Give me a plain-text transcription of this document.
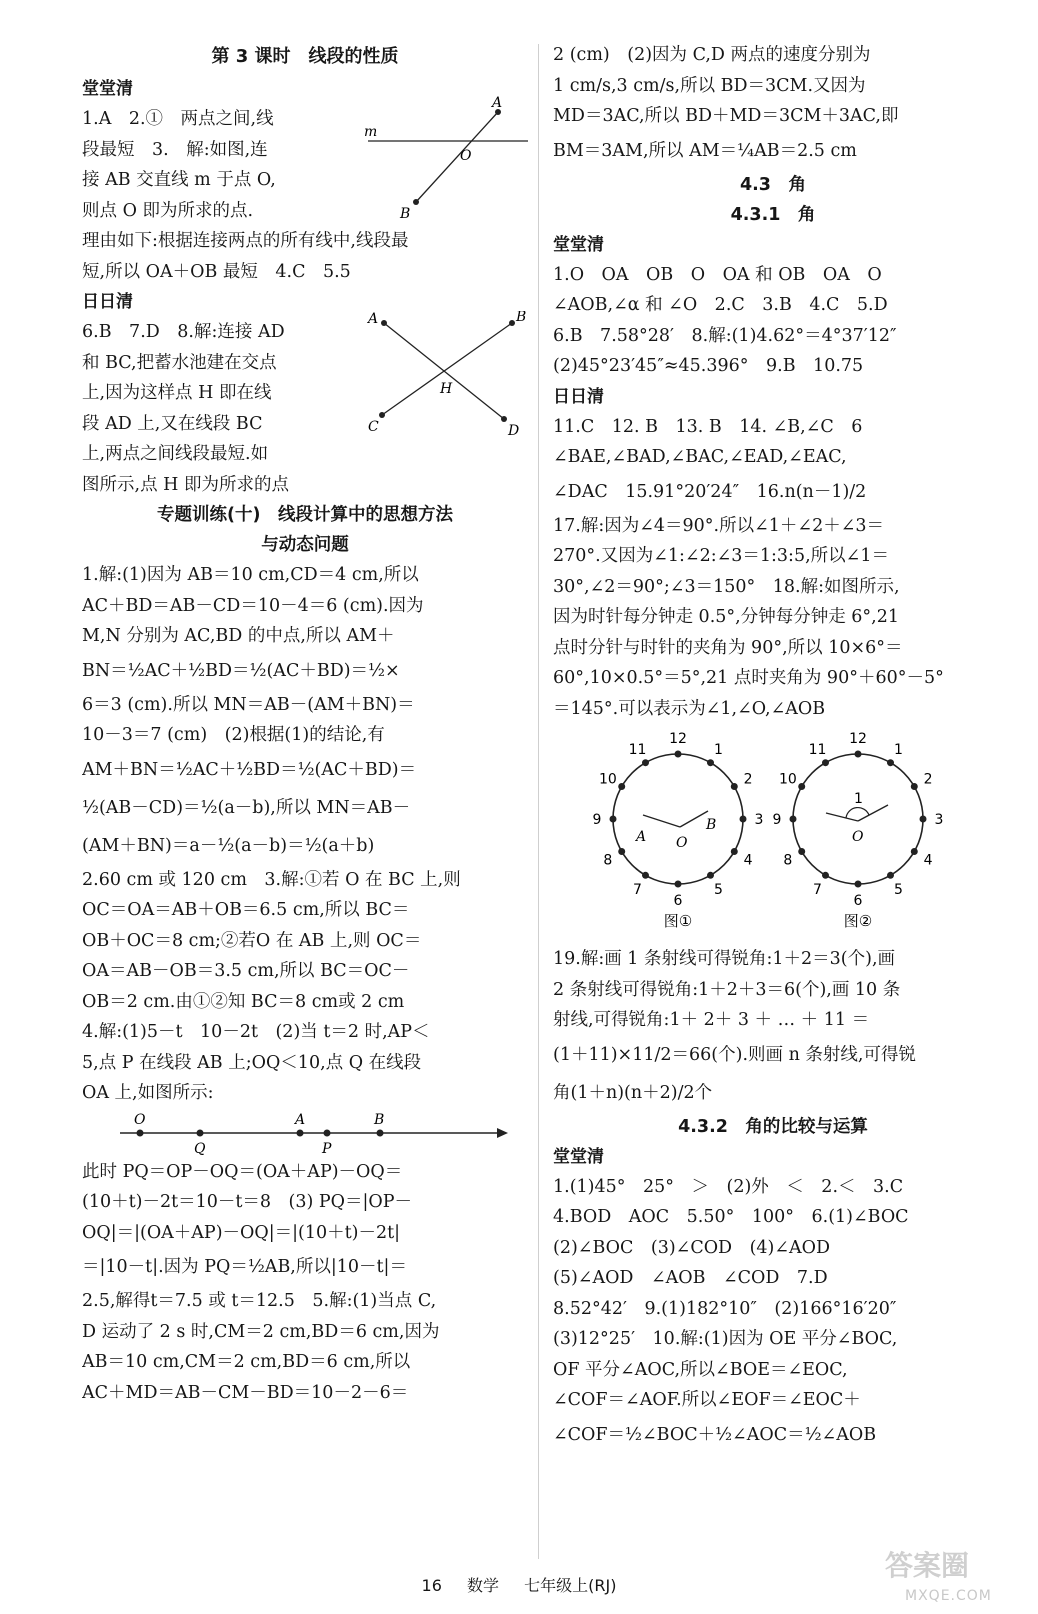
第 3 课时　线段的性质
堂堂清
A
B
O
m
1.A　2.①　两点之间,线
段最短　3.　解:如图,连
接 AB 交直线 m 于点 O,
则点 O 即为所求的点.
理由如下:根据连接两点的所有线中,线段最
短,所以 OA＋OB 最短　4.C　5.5
日日清
A	B
C	D
H
6.B　7.D　8.解:连接 AD
和 BC,把蓄水池建在交点
上,因为这样点 H 即在线
段 AD 上,又在线段 BC
上,两点之间线段最短.如
图所示,点 H 即为所求的点
专题训练(十)　线段计算中的思想方法
与动态问题
1.解:(1)因为 AB＝10 cm,CD＝4 cm,所以
AC＋BD＝AB－CD＝10－4＝6 (cm).因为
M,N 分别为 AC,BD 的中点,所以 AM＋
BN＝½AC＋½BD＝½(AC＋BD)＝½×
6＝3 (cm).所以 MN＝AB－(AM＋BN)＝
10－3＝7 (cm)　(2)根据(1)的结论,有
AM＋BN＝½AC＋½BD＝½(AC＋BD)＝
½(AB－CD)＝½(a－b),所以 MN＝AB－
(AM＋BN)＝a－½(a－b)＝½(a＋b)
2.60 cm 或 120 cm　3.解:①若 O 在 BC 上,则
OC＝OA＝AB＋OB＝6.5 cm,所以 BC＝
OB＋OC＝8 cm;②若O 在 AB 上,则 OC＝
OA＝AB－OB＝3.5 cm,所以 BC＝OC－
OB＝2 cm.由①②知 BC＝8 cm或 2 cm
4.解:(1)5－t　10－2t　(2)当 t＝2 时,AP＜
5,点 P 在线段 AB 上;OQ＜10,点 Q 在线段
OA 上,如图所示:
O
Q
A
P
B
此时 PQ＝OP－OQ＝(OA＋AP)－OQ＝
(10＋t)－2t＝10－t＝8　(3) PQ＝|OP－
OQ|＝|(OA＋AP)－OQ|＝|(10＋t)－2t|
＝|10－t|.因为 PQ＝½AB,所以|10－t|＝
2.5,解得t＝7.5 或 t＝12.5　5.解:(1)当点 C,
D 运动了 2 s 时,CM＝2 cm,BD＝6 cm,因为
AB＝10 cm,CM＝2 cm,BD＝6 cm,所以
AC＋MD＝AB－CM－BD＝10－2－6＝
2 (cm)　(2)因为 C,D 两点的速度分别为
1 cm/s,3 cm/s,所以 BD＝3CM.又因为
MD＝3AC,所以 BD＋MD＝3CM＋3AC,即
BM＝3AM,所以 AM＝¼AB＝2.5 cm
4.3　角
4.3.1　角
堂堂清
1.O　OA　OB　O　OA 和 OB　OA　O
∠AOB,∠α 和 ∠O　2.C　3.B　4.C　5.D
6.B　7.58°28′　8.解:(1)4.62°＝4°37′12″
(2)45°23′45″≈45.396°　9.B　10.75
日日清
11.C　12. B　13. B　14. ∠B,∠C　6
∠BAE,∠BAD,∠BAC,∠EAD,∠EAC,
∠DAC　15.91°20′24″　16.n(n－1)/2
17.解:因为∠4＝90°.所以∠1＋∠2＋∠3＝
270°.又因为∠1:∠2:∠3＝1:3:5,所以∠1＝
30°,∠2＝90°;∠3＝150°　18.解:如图所示,
因为时针每分钟走 0.5°,分钟每分钟走 6°,21
点时分针与时针的夹角为 90°,所以 10×6°＝
60°,10×0.5°＝5°,21 点时夹角为 90°＋60°－5°
＝145°.可以表示为∠1,∠O,∠AOB
1
2
3
4
5
6
7
8
9
10
11
12
A
B
O
图①
1
2
3
4
5
6
7
8
9
10
11
12
1
O
图②
19.解:画 1 条射线可得锐角:1＋2＝3(个),画
2 条射线可得锐角:1＋2＋3＝6(个),画 10 条
射线,可得锐角:1＋ 2＋ 3 ＋ … ＋ 11 ＝
(1＋11)×11/2＝66(个).则画 n 条射线,可得锐
角(1＋n)(n＋2)/2个
4.3.2　角的比较与运算
堂堂清
1.(1)45°　25°　＞　(2)外　＜　2.＜　3.C
4.BOD　AOC　5.50°　100°　6.(1)∠BOC
(2)∠BOC　(3)∠COD　(4)∠AOD
(5)∠AOD　∠AOB　∠COD　7.D
8.52°42′　9.(1)182°10″　(2)166°16′20″
(3)12°25′　10.解:(1)因为 OE 平分∠BOC,
OF 平分∠AOC,所以∠BOE＝∠EOC,
∠COF＝∠AOF.所以∠EOF＝∠EOC＋
∠COF＝½∠BOC＋½∠AOC＝½∠AOB
16 数学 七年级上(RJ)
答案圈
MXQE.COM
